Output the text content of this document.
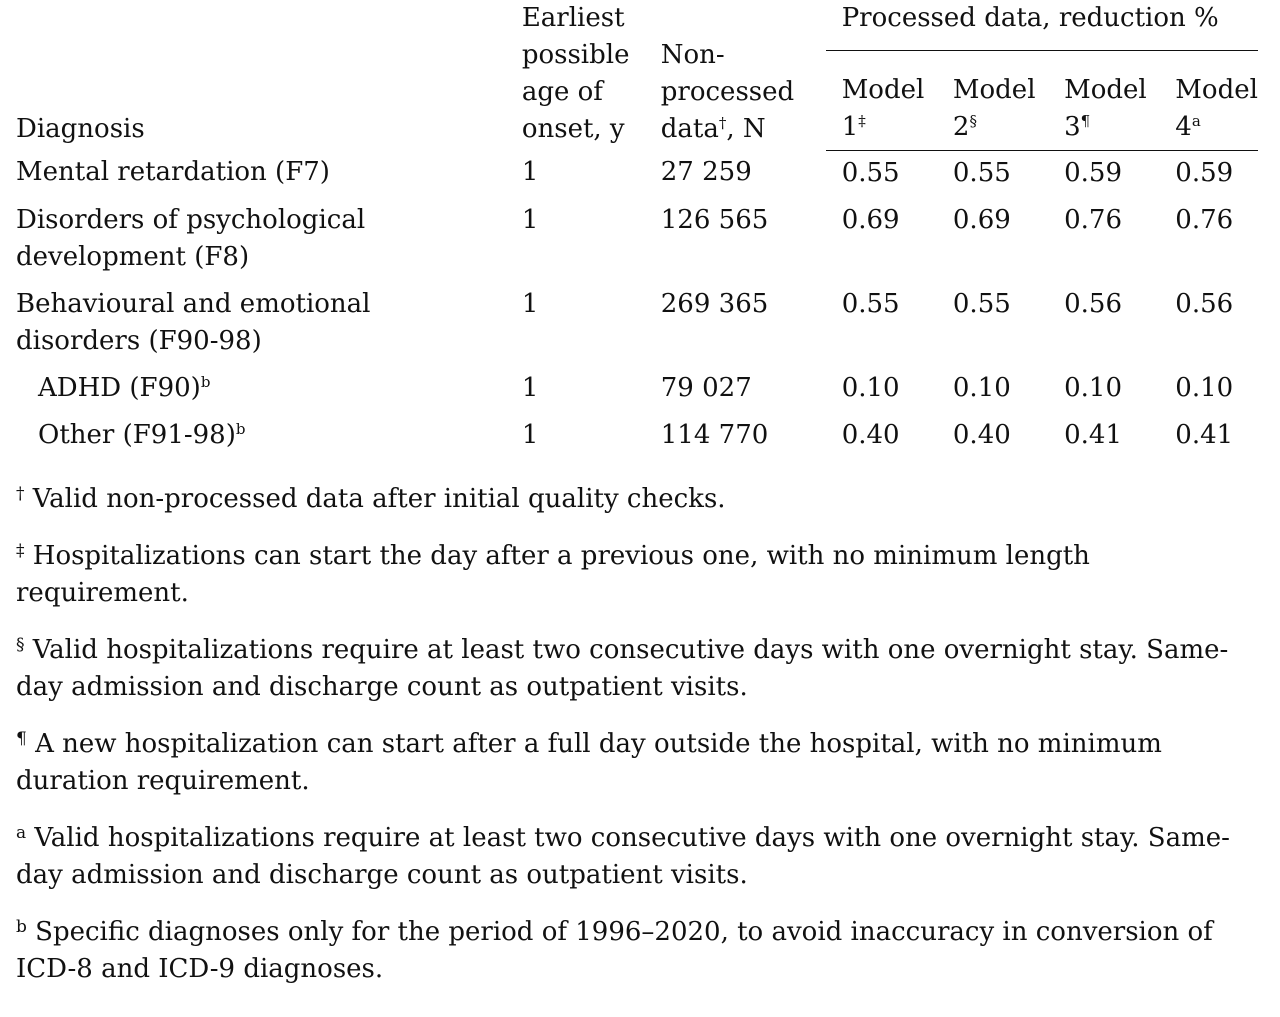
Diagnosis	Earliest possible age of onset, y	Non-processed data†, N	Processed data, reduction %			
			Model 1‡	Model 2§	Model 3¶	Model 4$^a$
Mental retardation (F7)	1	27 259	0.55	0.55	0.59	0.59
Disorders of psychological development (F8)	1	126 565	0.69	0.69	0.76	0.76
Behavioural and emotional disorders (F90-98)	1	269 365	0.55	0.55	0.56	0.56
ADHD $(F90)^b$	1	79 027	0.10	0.10	0.10	0.10
Other $(F91-98)^b$	1	114 770	0.40	0.40	0.41	0.41

† Valid non-processed data after initial quality checks.

‡ Hospitalizations can start the day after a previous one, with no minimum length requirement.

§ Valid hospitalizations require at least two consecutive days with one overnight stay. Same-day admission and discharge count as outpatient visits.

¶ A new hospitalization can start after a full day outside the hospital, with no minimum duration requirement.

$^a$ Valid hospitalizations require at least two consecutive days with one overnight stay. Same-day admission and discharge count as outpatient visits.

$^b$ Specific diagnoses only for the period of 1996–2020, to avoid inaccuracy in conversion of ICD-8 and ICD-9 diagnoses.
